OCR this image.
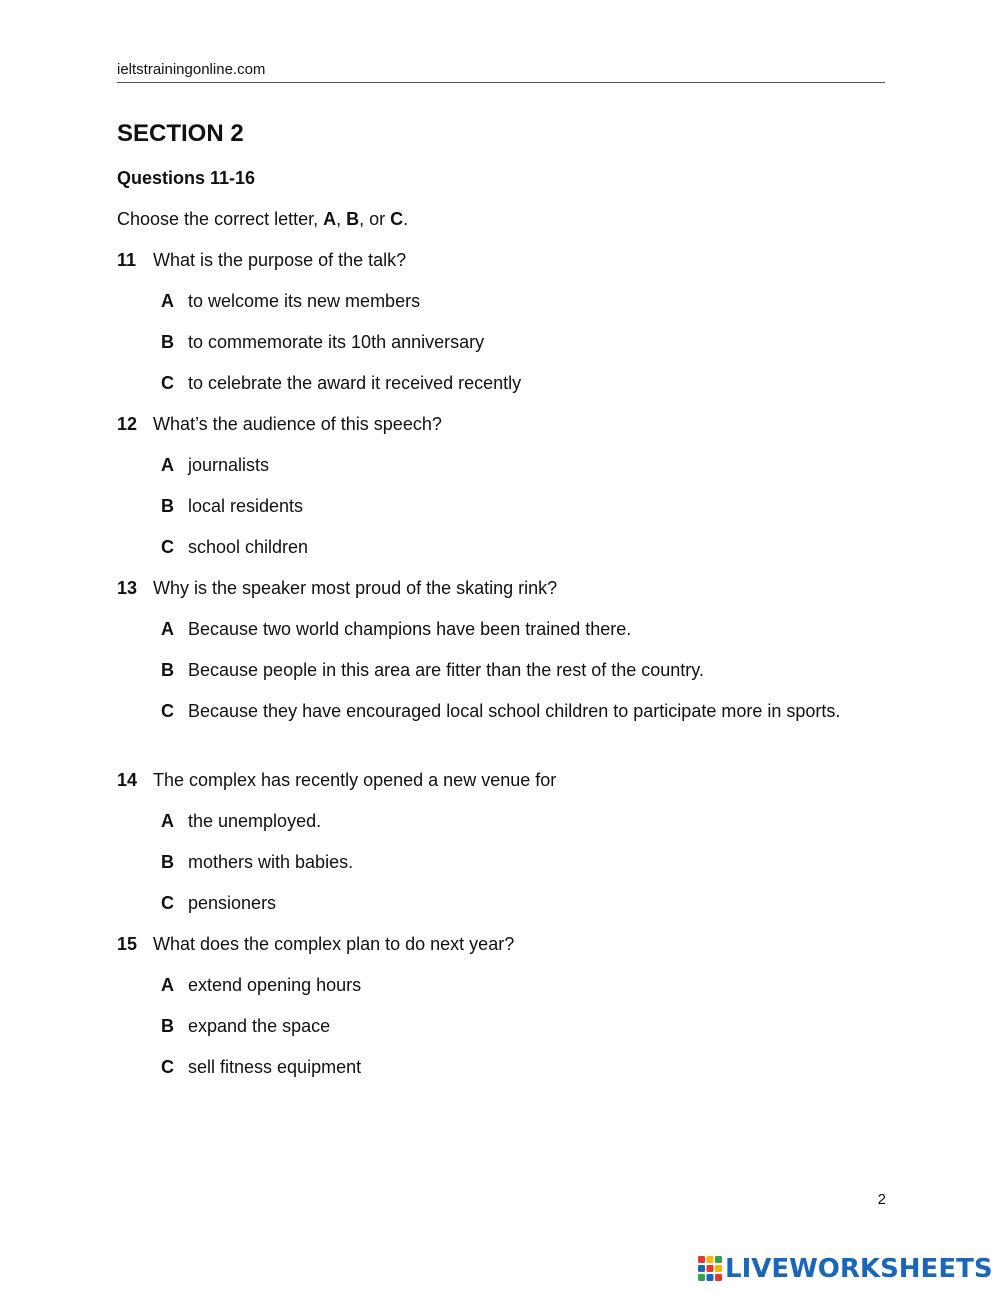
ieltstrainingonline.com
SECTION 2
Questions 11-16
Choose the correct letter, A, B, or C.
11 What is the purpose of the talk?
A to welcome its new members
B to commemorate its 10th anniversary
C to celebrate the award it received recently
12 What’s the audience of this speech?
A journalists
B local residents
C school children
13 Why is the speaker most proud of the skating rink?
A Because two world champions have been trained there.
B Because people in this area are fitter than the rest of the country.
C Because they have encouraged local school children to participate more in sports.
14 The complex has recently opened a new venue for
A the unemployed.
B mothers with babies.
C pensioners
15 What does the complex plan to do next year?
A extend opening hours
B expand the space
C sell fitness equipment
2
LIVEWORKSHEETS
